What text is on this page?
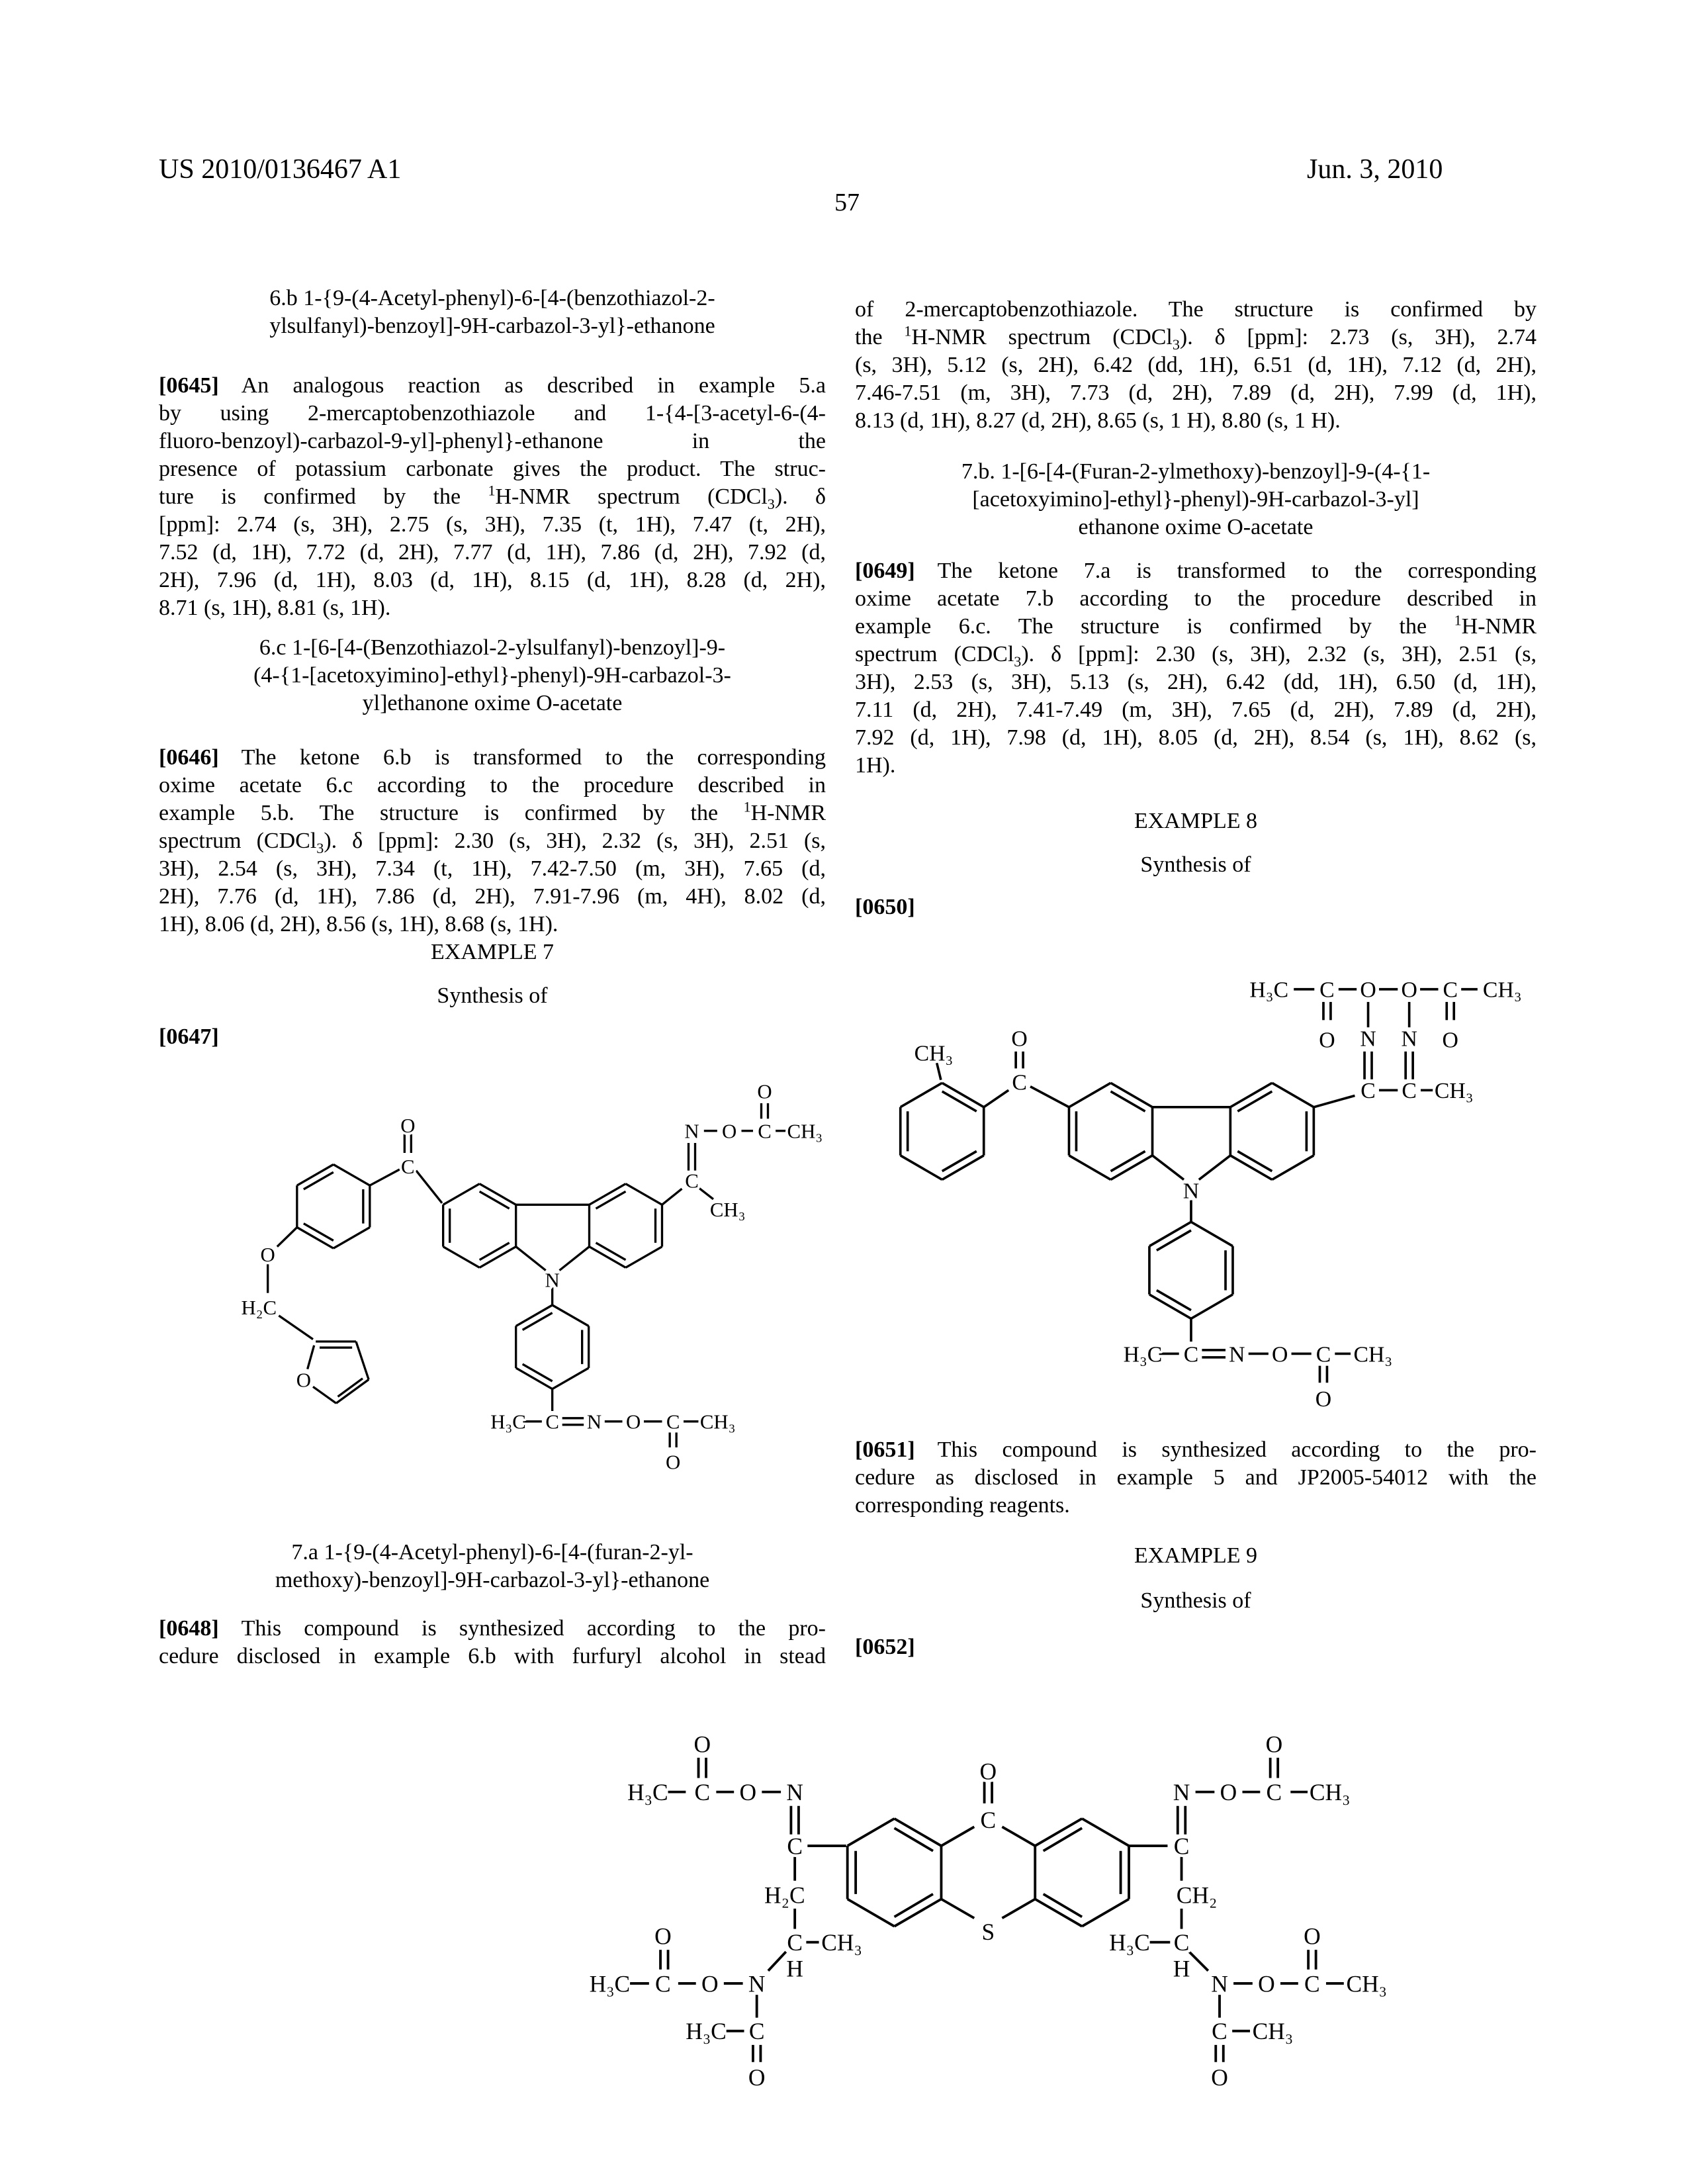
US 2010/0136467 A1	Jun. 3, 2010
57
6.b 1-{9-(4-Acetyl-phenyl)-6-[4-(benzothiazol-2-
ylsulfanyl)-benzoyl]-9H-carbazol-3-yl}-ethanone
[0645] An analogous reaction as described in example 5.a
by using 2-mercaptobenzothiazole and 1-{4-[3-acetyl-6-(4-
fluoro-benzoyl)-carbazol-9-yl]-phenyl}-ethanone in the
presence of potassium carbonate gives the product. The struc-
ture is confirmed by the $^1$H-NMR spectrum (CDCl$_3$). δ
[ppm]: 2.74 (s, 3H), 2.75 (s, 3H), 7.35 (t, 1H), 7.47 (t, 2H),
7.52 (d, 1H), 7.72 (d, 2H), 7.77 (d, 1H), 7.86 (d, 2H), 7.92 (d,
2H), 7.96 (d, 1H), 8.03 (d, 1H), 8.15 (d, 1H), 8.28 (d, 2H),
8.71 (s, 1H), 8.81 (s, 1H).
6.c 1-[6-[4-(Benzothiazol-2-ylsulfanyl)-benzoyl]-9-
(4-{1-[acetoxyimino]-ethyl}-phenyl)-9H-carbazol-3-
yl]ethanone oxime O-acetate
[0646] The ketone 6.b is transformed to the corresponding
oxime acetate 6.c according to the procedure described in
example 5.b. The structure is confirmed by the $^1$H-NMR
spectrum (CDCl$_3$). δ [ppm]: 2.30 (s, 3H), 2.32 (s, 3H), 2.51 (s,
3H), 2.54 (s, 3H), 7.34 (t, 1H), 7.42-7.50 (m, 3H), 7.65 (d,
2H), 7.76 (d, 1H), 7.86 (d, 2H), 7.91-7.96 (m, 4H), 8.02 (d,
1H), 8.06 (d, 2H), 8.56 (s, 1H), 8.68 (s, 1H).
EXAMPLE 7
Synthesis of
[0647]
O
C
O
H₂C
O
N
C
CH₃
N O C
O
CH₃
H₃C C N O C CH₃
O
7.a 1-{9-(4-Acetyl-phenyl)-6-[4-(furan-2-yl-
methoxy)-benzoyl]-9H-carbazol-3-yl}-ethanone
[0648] This compound is synthesized according to the pro-
cedure disclosed in example 6.b with furfuryl alcohol in stead
of 2-mercaptobenzothiazole. The structure is confirmed by
the $^1$H-NMR spectrum (CDCl$_3$). δ [ppm]: 2.73 (s, 3H), 2.74
(s, 3H), 5.12 (s, 2H), 6.42 (dd, 1H), 6.51 (d, 1H), 7.12 (d, 2H),
7.46-7.51 (m, 3H), 7.73 (d, 2H), 7.89 (d, 2H), 7.99 (d, 1H),
8.13 (d, 1H), 8.27 (d, 2H), 8.65 (s, 1 H), 8.80 (s, 1 H).
7.b. 1-[6-[4-(Furan-2-ylmethoxy)-benzoyl]-9-(4-{1-
[acetoxyimino]-ethyl}-phenyl)-9H-carbazol-3-yl]
ethanone oxime O-acetate
[0649] The ketone 7.a is transformed to the corresponding
oxime acetate 7.b according to the procedure described in
example 6.c. The structure is confirmed by the $^1$H-NMR
spectrum (CDCl$_3$). δ [ppm]: 2.30 (s, 3H), 2.32 (s, 3H), 2.51 (s,
3H), 2.53 (s, 3H), 5.13 (s, 2H), 6.42 (dd, 1H), 6.50 (d, 1H),
7.11 (d, 2H), 7.41-7.49 (m, 3H), 7.65 (d, 2H), 7.89 (d, 2H),
7.92 (d, 1H), 7.98 (d, 1H), 8.05 (d, 2H), 8.54 (s, 1H), 8.62 (s,
1H).
EXAMPLE 8
Synthesis of
[0650]
CH₃
C
O
N
C C CH₃
N N
O O
C
H₃C	C CH₃
O	O
H₃C C N O C CH₃
O
[0651] This compound is synthesized according to the pro-
cedure as disclosed in example 5 and JP2005-54012 with the
corresponding reagents.
EXAMPLE 9
Synthesis of
[0652]
O
C
S
C
N
O
C
O
H₃C
H₂C
C CH₃
H
N
O
C
O
H₃C
C
H₃C
O
C
N O C
O
CH₃
CH₂
C
H₃C
H
N O C
O
CH₃
C CH₃
O
